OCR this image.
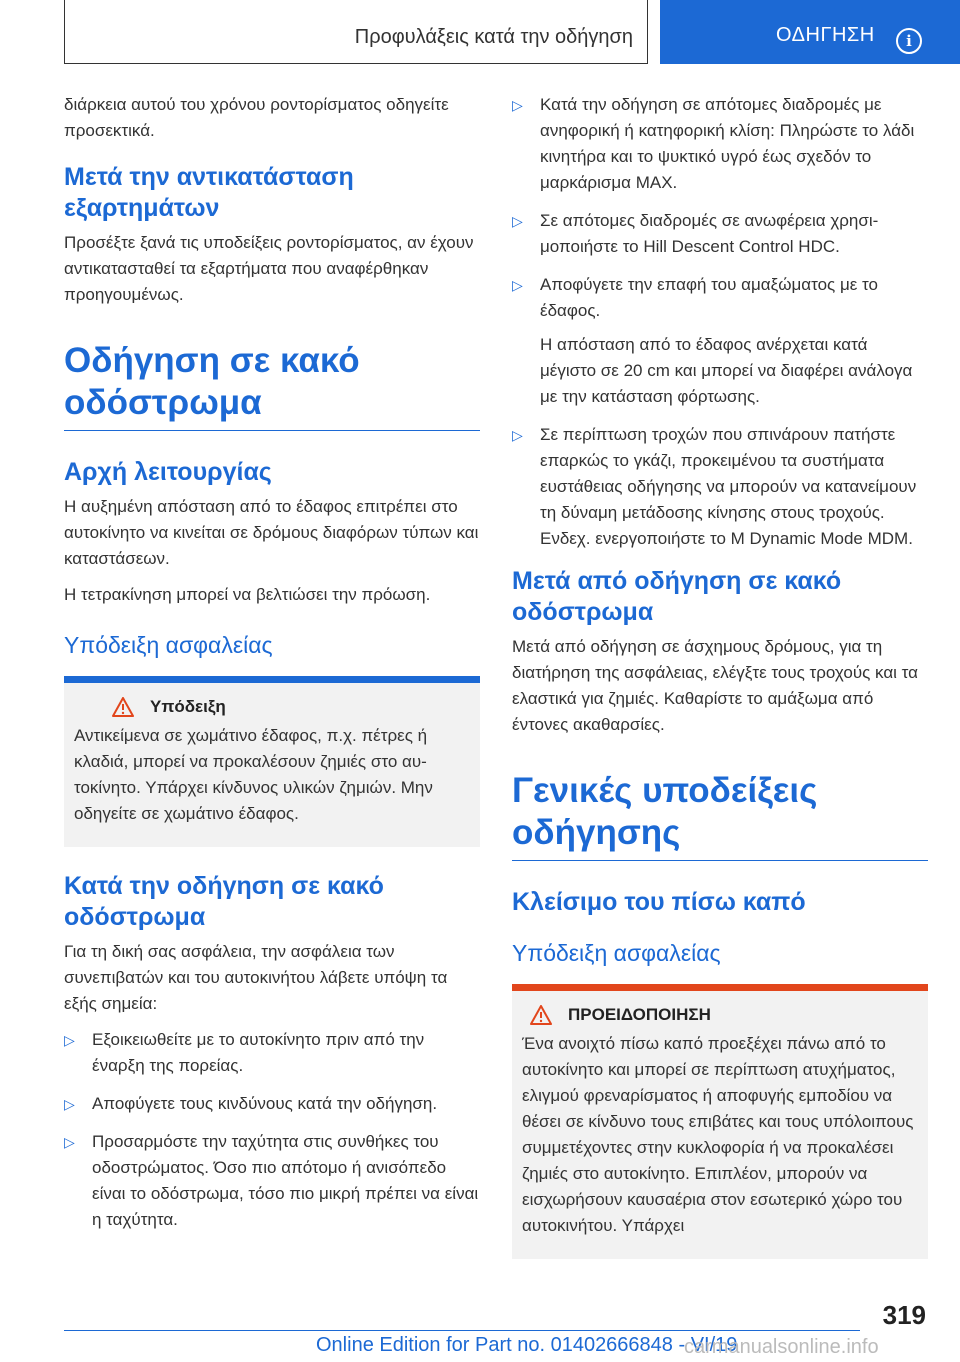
Προφυλάξεις κατά την οδήγηση	ΟΔΗΓΗΣΗ	i

διάρκεια αυτού του χρόνου ροντορίσματος οδηγείτε προσεκτικά.

Μετά την αντικατάσταση εξαρτημάτων

Προσέξτε ξανά τις υποδείξεις ροντορίσματος, αν έχουν αντικατασταθεί τα εξαρτήματα που αναφέρθηκαν προηγουμένως.

Οδήγηση σε κακό οδόστρωμα
Αρχή λειτουργίας

Η αυξημένη απόσταση από το έδαφος επιτρέπει στο αυτοκίνητο να κινείται σε δρόμους διαφόρων τύπων και καταστάσεων.

Η τετρακίνηση μπορεί να βελτιώσει την πρόωση.

Υπόδειξη ασφαλείας
Υπόδειξη

Αντικείμενα σε χωμάτινο έδαφος, π.χ. πέτρες ή κλαδιά, μπορεί να προκαλέσουν ζημιές στο αυτοκίνητο. Υπάρχει κίνδυνος υλικών ζημιών. Μην οδηγείτε σε χωμάτινο έδαφος.

Κατά την οδήγηση σε κακό οδόστρωμα

Για τη δική σας ασφάλεια, την ασφάλεια των συνεπιβατών και του αυτοκινήτου λάβετε υπόψη τα εξής σημεία:

▷ Εξοικειωθείτε με το αυτοκίνητο πριν από την έναρξη της πορείας.
▷ Αποφύγετε τους κινδύνους κατά την οδήγηση.
▷ Προσαρμόστε την ταχύτητα στις συνθήκες του οδοστρώματος. Όσο πιο απότομο ή ανισόπεδο είναι το οδόστρωμα, τόσο πιο μικρή πρέπει να είναι η ταχύτητα.
▷ Κατά την οδήγηση σε απότομες διαδρομές με ανηφορική ή κατηφορική κλίση: Πληρώστε το λάδι κινητήρα και το ψυκτικό υγρό έως σχεδόν το μαρκάρισμα MAX.
▷ Σε απότομες διαδρομές σε ανωφέρεια χρησιμοποιήστε το Hill Descent Control HDC.
▷ Αποφύγετε την επαφή του αμαξώματος με το έδαφος.
Η απόσταση από το έδαφος ανέρχεται κατά μέγιστο σε 20 cm και μπορεί να διαφέρει ανάλογα με την κατάσταση φόρτωσης.
▷ Σε περίπτωση τροχών που σπινάρουν πατήστε επαρκώς το γκάζι, προκειμένου τα συστήματα ευστάθειας οδήγησης να μπορούν να κατανείμουν τη δύναμη μετάδοσης κίνησης στους τροχούς. Ενδεχ. ενεργοποιήστε το M Dynamic Mode MDM.
Μετά από οδήγηση σε κακό οδόστρωμα

Μετά από οδήγηση σε άσχημους δρόμους, για τη διατήρηση της ασφάλειας, ελέγξτε τους τροχούς και τα ελαστικά για ζημιές. Καθαρίστε το αμάξωμα από έντονες ακαθαρσίες.

Γενικές υποδείξεις οδήγησης
Κλείσιμο του πίσω καπό
Υπόδειξη ασφαλείας
ΠΡΟΕΙΔΟΠΟΙΗΣΗ

Ένα ανοιχτό πίσω καπό προεξέχει πάνω από το αυτοκίνητο και μπορεί σε περίπτωση ατυχήματος, ελιγμού φρεναρίσματος ή αποφυγής εμποδίου να θέσει σε κίνδυνο τους επιβάτες και τους υπόλοιπους συμμετέχοντες στην κυκλοφορία ή να προκαλέσει ζημιές στο αυτοκίνητο. Επιπλέον, μπορούν να εισχωρήσουν καυσαέρια στον εσωτερικό χώρο του αυτοκινήτου. Υπάρχει

319
Online Edition for Part no. 01402666848 - VI/19
carmanualsonline.info
